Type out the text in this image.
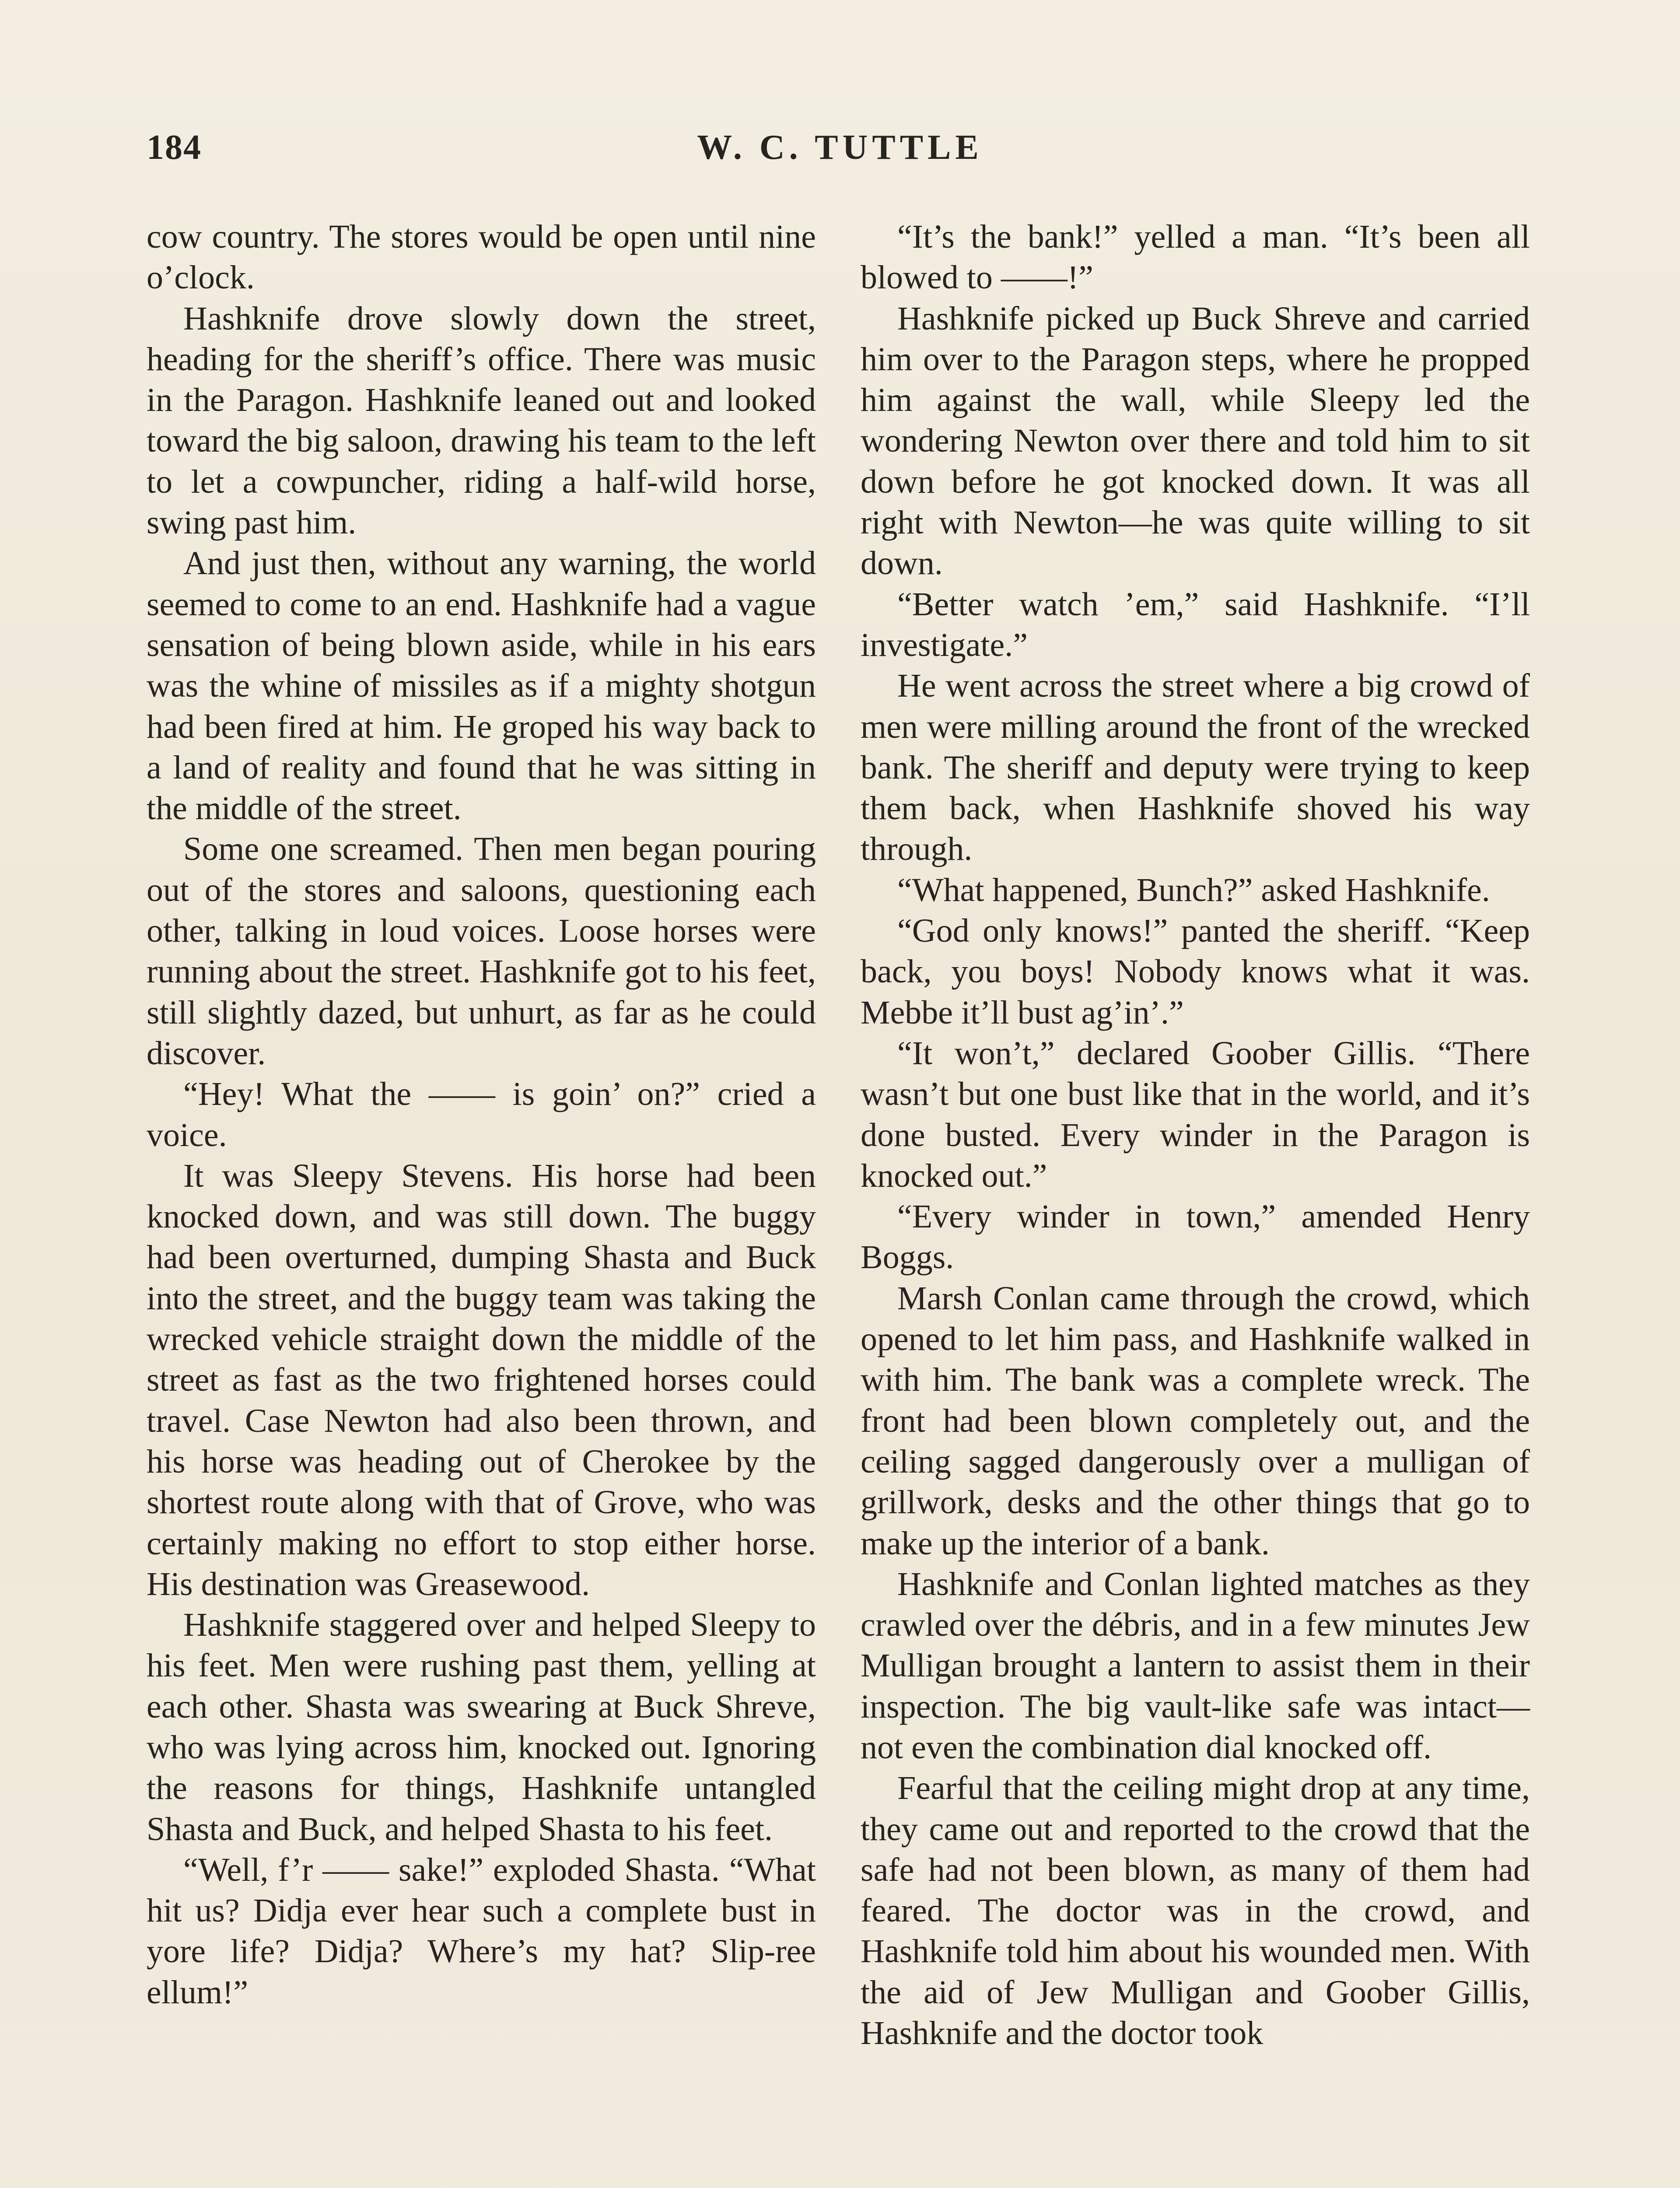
184	W. C. TUTTLE

cow country. The stores would be open until nine o’clock.

Hashknife drove slowly down the street, heading for the sheriff’s office. There was music in the Paragon. Hashknife leaned out and looked toward the big saloon, drawing his team to the left to let a cowpuncher, riding a half-wild horse, swing past him.

And just then, without any warning, the world seemed to come to an end. Hashknife had a vague sensation of being blown aside, while in his ears was the whine of missiles as if a mighty shotgun had been fired at him. He groped his way back to a land of reality and found that he was sitting in the middle of the street.

Some one screamed. Then men began pouring out of the stores and saloons, questioning each other, talking in loud voices. Loose horses were running about the street. Hashknife got to his feet, still slightly dazed, but unhurt, as far as he could discover.

“Hey! What the —— is goin’ on?” cried a voice.

It was Sleepy Stevens. His horse had been knocked down, and was still down. The buggy had been overturned, dumping Shasta and Buck into the street, and the buggy team was taking the wrecked vehicle straight down the middle of the street as fast as the two frightened horses could travel. Case Newton had also been thrown, and his horse was heading out of Cherokee by the shortest route along with that of Grove, who was certainly making no effort to stop either horse. His destination was Greasewood.

Hashknife staggered over and helped Sleepy to his feet. Men were rushing past them, yelling at each other. Shasta was swearing at Buck Shreve, who was lying across him, knocked out. Ignoring the reasons for things, Hashknife untangled Shasta and Buck, and helped Shasta to his feet.

“Well, f’r —— sake!” exploded Shasta. “What hit us? Didja ever hear such a complete bust in yore life? Didja? Where’s my hat? Slip-ree ellum!”

“It’s the bank!” yelled a man. “It’s been all blowed to ——!”

Hashknife picked up Buck Shreve and carried him over to the Paragon steps, where he propped him against the wall, while Sleepy led the wondering Newton over there and told him to sit down before he got knocked down. It was all right with Newton—he was quite willing to sit down.

“Better watch ’em,” said Hashknife. “I’ll investigate.”

He went across the street where a big crowd of men were milling around the front of the wrecked bank. The sheriff and deputy were trying to keep them back, when Hashknife shoved his way through.

“What happened, Bunch?” asked Hashknife.

“God only knows!” panted the sheriff. “Keep back, you boys! Nobody knows what it was. Mebbe it’ll bust ag’in’.”

“It won’t,” declared Goober Gillis. “There wasn’t but one bust like that in the world, and it’s done busted. Every winder in the Paragon is knocked out.”

“Every winder in town,” amended Henry Boggs.

Marsh Conlan came through the crowd, which opened to let him pass, and Hashknife walked in with him. The bank was a complete wreck. The front had been blown completely out, and the ceiling sagged dangerously over a mulligan of grillwork, desks and the other things that go to make up the interior of a bank.

Hashknife and Conlan lighted matches as they crawled over the débris, and in a few minutes Jew Mulligan brought a lantern to assist them in their inspection. The big vault-like safe was intact—not even the combination dial knocked off.

Fearful that the ceiling might drop at any time, they came out and reported to the crowd that the safe had not been blown, as many of them had feared. The doctor was in the crowd, and Hashknife told him about his wounded men. With the aid of Jew Mulligan and Goober Gillis, Hashknife and the doctor took
